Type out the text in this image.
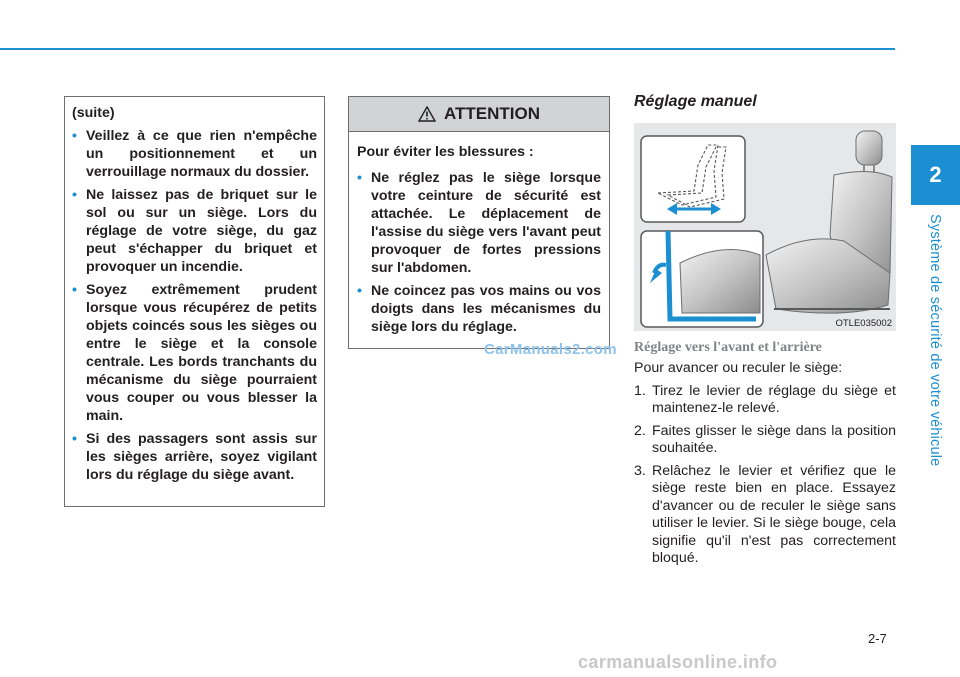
2
Système de sécurité de votre véhicule

(suite)

• Veillez à ce que rien n'empêche un positionnement et un verrouillage normaux du dossier.
• Ne laissez pas de briquet sur le sol ou sur un siège. Lors du réglage de votre siège, du gaz peut s'échapper du briquet et provoquer un incendie.
• Soyez extrêmement prudent lorsque vous récupérez de petits objets coincés sous les sièges ou entre le siège et la console centrale. Les bords tranchants du mécanisme du siège pourraient vous couper ou vous blesser la main.
• Si des passagers sont assis sur les sièges arrière, soyez vigilant lors du réglage du siège avant.
ATTENTION

Pour éviter les blessures :

• Ne réglez pas le siège lorsque votre ceinture de sécurité est attachée. Le déplacement de l'assise du siège vers l'avant peut provoquer de fortes pressions sur l'abdomen.
• Ne coincez pas vos mains ou vos doigts dans les mécanismes du siège lors du réglage.
Réglage manuel
OTLE035002
Réglage vers l'avant et l'arrière

Pour avancer ou reculer le siège:

1. Tirez le levier de réglage du siège et maintenez-le relevé.
2. Faites glisser le siège dans la position souhaitée.
3. Relâchez le levier et vérifiez que le siège reste bien en place. Essayez d'avancer ou de reculer le siège sans utiliser le levier. Si le siège bouge, cela signifie qu'il n'est pas correctement bloqué.
2-7
CarManuals2.com
carmanualsonline.info
